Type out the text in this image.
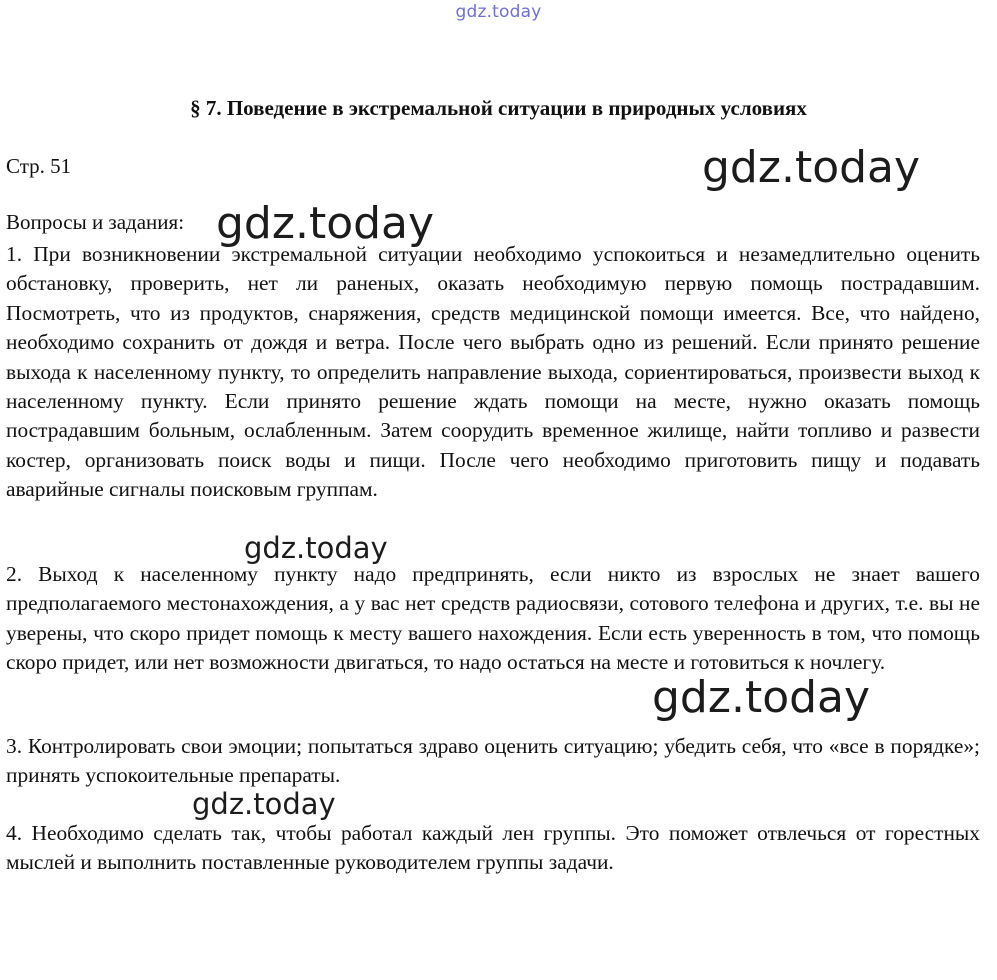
gdz.today
§ 7. Поведение в экстремальной ситуации в природных условиях
Стр. 51
Вопросы и задания:

1. При возникновении экстремальной ситуации необходимо успокоиться и незамедлительно оценить обстановку, проверить, нет ли раненых, оказать необходимую первую помощь пострадавшим. Посмотреть, что из продуктов, снаряжения, средств медицинской помощи имеется. Все, что найдено, необходимо сохранить от дождя и ветра. После чего выбрать одно из решений. Если принято решение выхода к населенному пункту, то определить направление выхода, сориентироваться, произвести выход к населенному пункту. Если принято решение ждать помощи на месте, нужно оказать помощь пострадавшим больным, ослабленным. Затем соорудить временное жилище, найти топливо и развести костер, организовать поиск воды и пищи. После чего необходимо приготовить пищу и подавать аварийные сигналы поисковым группам.

2. Выход к населенному пункту надо предпринять, если никто из взрослых не знает вашего предполагаемого местонахождения, а у вас нет средств радиосвязи, сотового телефона и других, т.е. вы не уверены, что скоро придет помощь к месту вашего нахождения. Если есть уверенность в том, что помощь скоро придет, или нет возможности двигаться, то надо остаться на месте и готовиться к ночлегу.

3. Контролировать свои эмоции; попытаться здраво оценить ситуацию; убедить себя, что «все в порядке»; принять успокоительные препараты.

4. Необходимо сделать так, чтобы работал каждый лен группы. Это поможет отвлечься от горестных мыслей и выполнить поставленные руководителем группы задачи.

gdz.today
gdz.today
gdz.today
gdz.today
gdz.today
